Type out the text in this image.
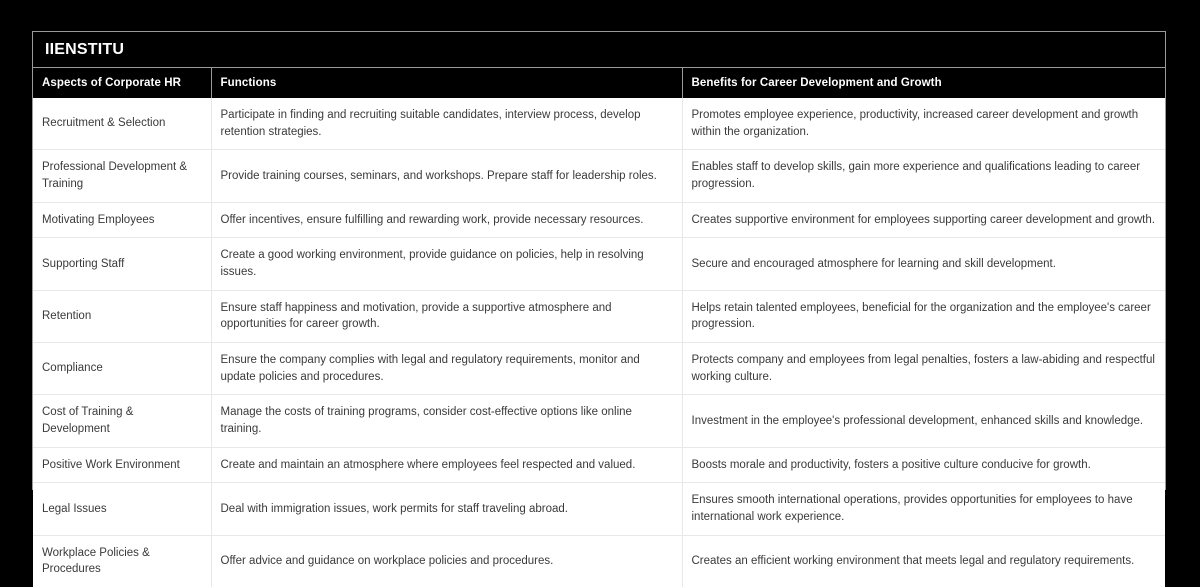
IIENSTITU
Aspects of Corporate HR	Functions	Benefits for Career Development and Growth
Recruitment & Selection	Participate in finding and recruiting suitable candidates, interview process, develop retention strategies.	Promotes employee experience, productivity, increased career development and growth within the organization.
Professional Development & Training	Provide training courses, seminars, and workshops. Prepare staff for leadership roles.	Enables staff to develop skills, gain more experience and qualifications leading to career progression.
Motivating Employees	Offer incentives, ensure fulfilling and rewarding work, provide necessary resources.	Creates supportive environment for employees supporting career development and growth.
Supporting Staff	Create a good working environment, provide guidance on policies, help in resolving issues.	Secure and encouraged atmosphere for learning and skill development.
Retention	Ensure staff happiness and motivation, provide a supportive atmosphere and opportunities for career growth.	Helps retain talented employees, beneficial for the organization and the employee's career progression.
Compliance	Ensure the company complies with legal and regulatory requirements, monitor and update policies and procedures.	Protects company and employees from legal penalties, fosters a law-abiding and respectful working culture.
Cost of Training & Development	Manage the costs of training programs, consider cost-effective options like online training.	Investment in the employee's professional development, enhanced skills and knowledge.
Positive Work Environment	Create and maintain an atmosphere where employees feel respected and valued.	Boosts morale and productivity, fosters a positive culture conducive for growth.
Legal Issues	Deal with immigration issues, work permits for staff traveling abroad.	Ensures smooth international operations, provides opportunities for employees to have international work experience.
Workplace Policies & Procedures	Offer advice and guidance on workplace policies and procedures.	Creates an efficient working environment that meets legal and regulatory requirements.
